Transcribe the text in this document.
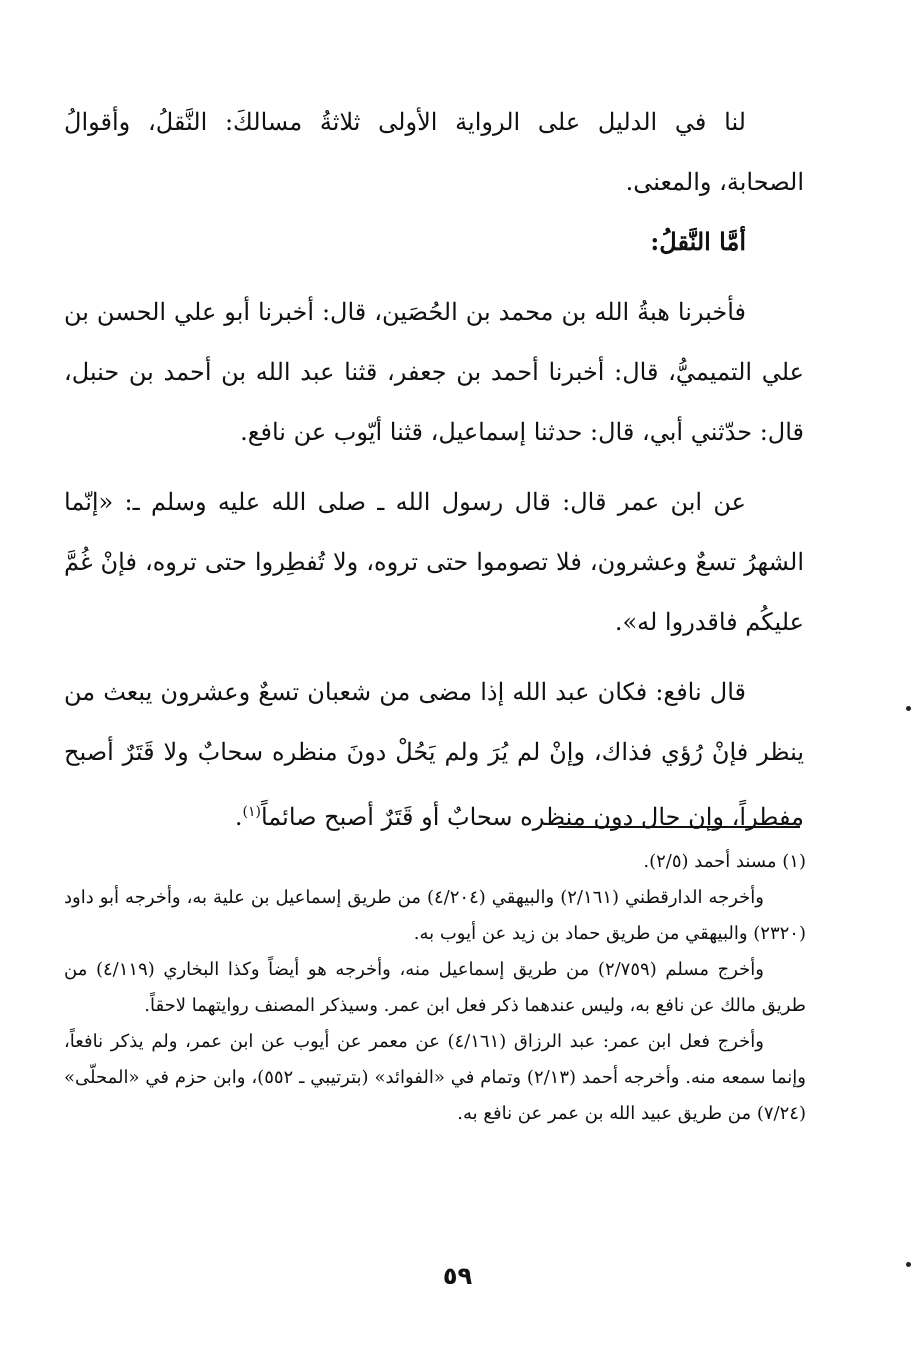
لنا في الدليل على الرواية الأولى ثلاثةُ مسالكَ: النَّقلُ، وأقوالُ الصحابة، والمعنى.

أمَّا النَّقلُ:

فأخبرنا هبةُ الله بن محمد بن الحُصَين، قال: أخبرنا أبو علي الحسن بن علي التميميُّ، قال: أخبرنا أحمد بن جعفر، قثنا عبد الله بن أحمد بن حنبل، قال: حدّثني أبي، قال: حدثنا إسماعيل، قثنا أيّوب عن نافع.

عن ابن عمر قال: قال رسول الله ـ صلى الله عليه وسلم ـ: «إنّما الشهرُ تسعٌ وعشرون، فلا تصوموا حتى تروه، ولا تُفطِروا حتى تروه، فإنْ غُمَّ عليكُم فاقدروا له».

قال نافع: فكان عبد الله إذا مضى من شعبان تسعٌ وعشرون يبعث من ينظر فإنْ رُؤي فذاك، وإنْ لم يُرَ ولم يَحُلْ دونَ منظره سحابٌ ولا قَتَرٌ أصبح مفطراً، وإن حال دون منظره سحابٌ أو قَتَرٌ أصبح صائماً$^{(١)}$.

(١) مسند أحمد (٢/٥).

وأخرجه الدارقطني (٢/١٦١) والبيهقي (٤/٢٠٤) من طريق إسماعيل بن علية به، وأخرجه أبو داود (٢٣٢٠) والبيهقي من طريق حماد بن زيد عن أيوب به.

وأخرج مسلم (٢/٧٥٩) من طريق إسماعيل منه، وأخرجه هو أيضاً وكذا البخاري (٤/١١٩) من طريق مالك عن نافع به، وليس عندهما ذكر فعل ابن عمر. وسيذكر المصنف روايتهما لاحقاً.

وأخرج فعل ابن عمر: عبد الرزاق (٤/١٦١) عن معمر عن أيوب عن ابن عمر، ولم يذكر نافعاً، وإنما سمعه منه. وأخرجه أحمد (٢/١٣) وتمام في «الفوائد» (بترتيبي ـ ٥٥٢)، وابن حزم في «المحلّى» (٧/٢٤) من طريق عبيد الله بن عمر عن نافع به.

٥٩
